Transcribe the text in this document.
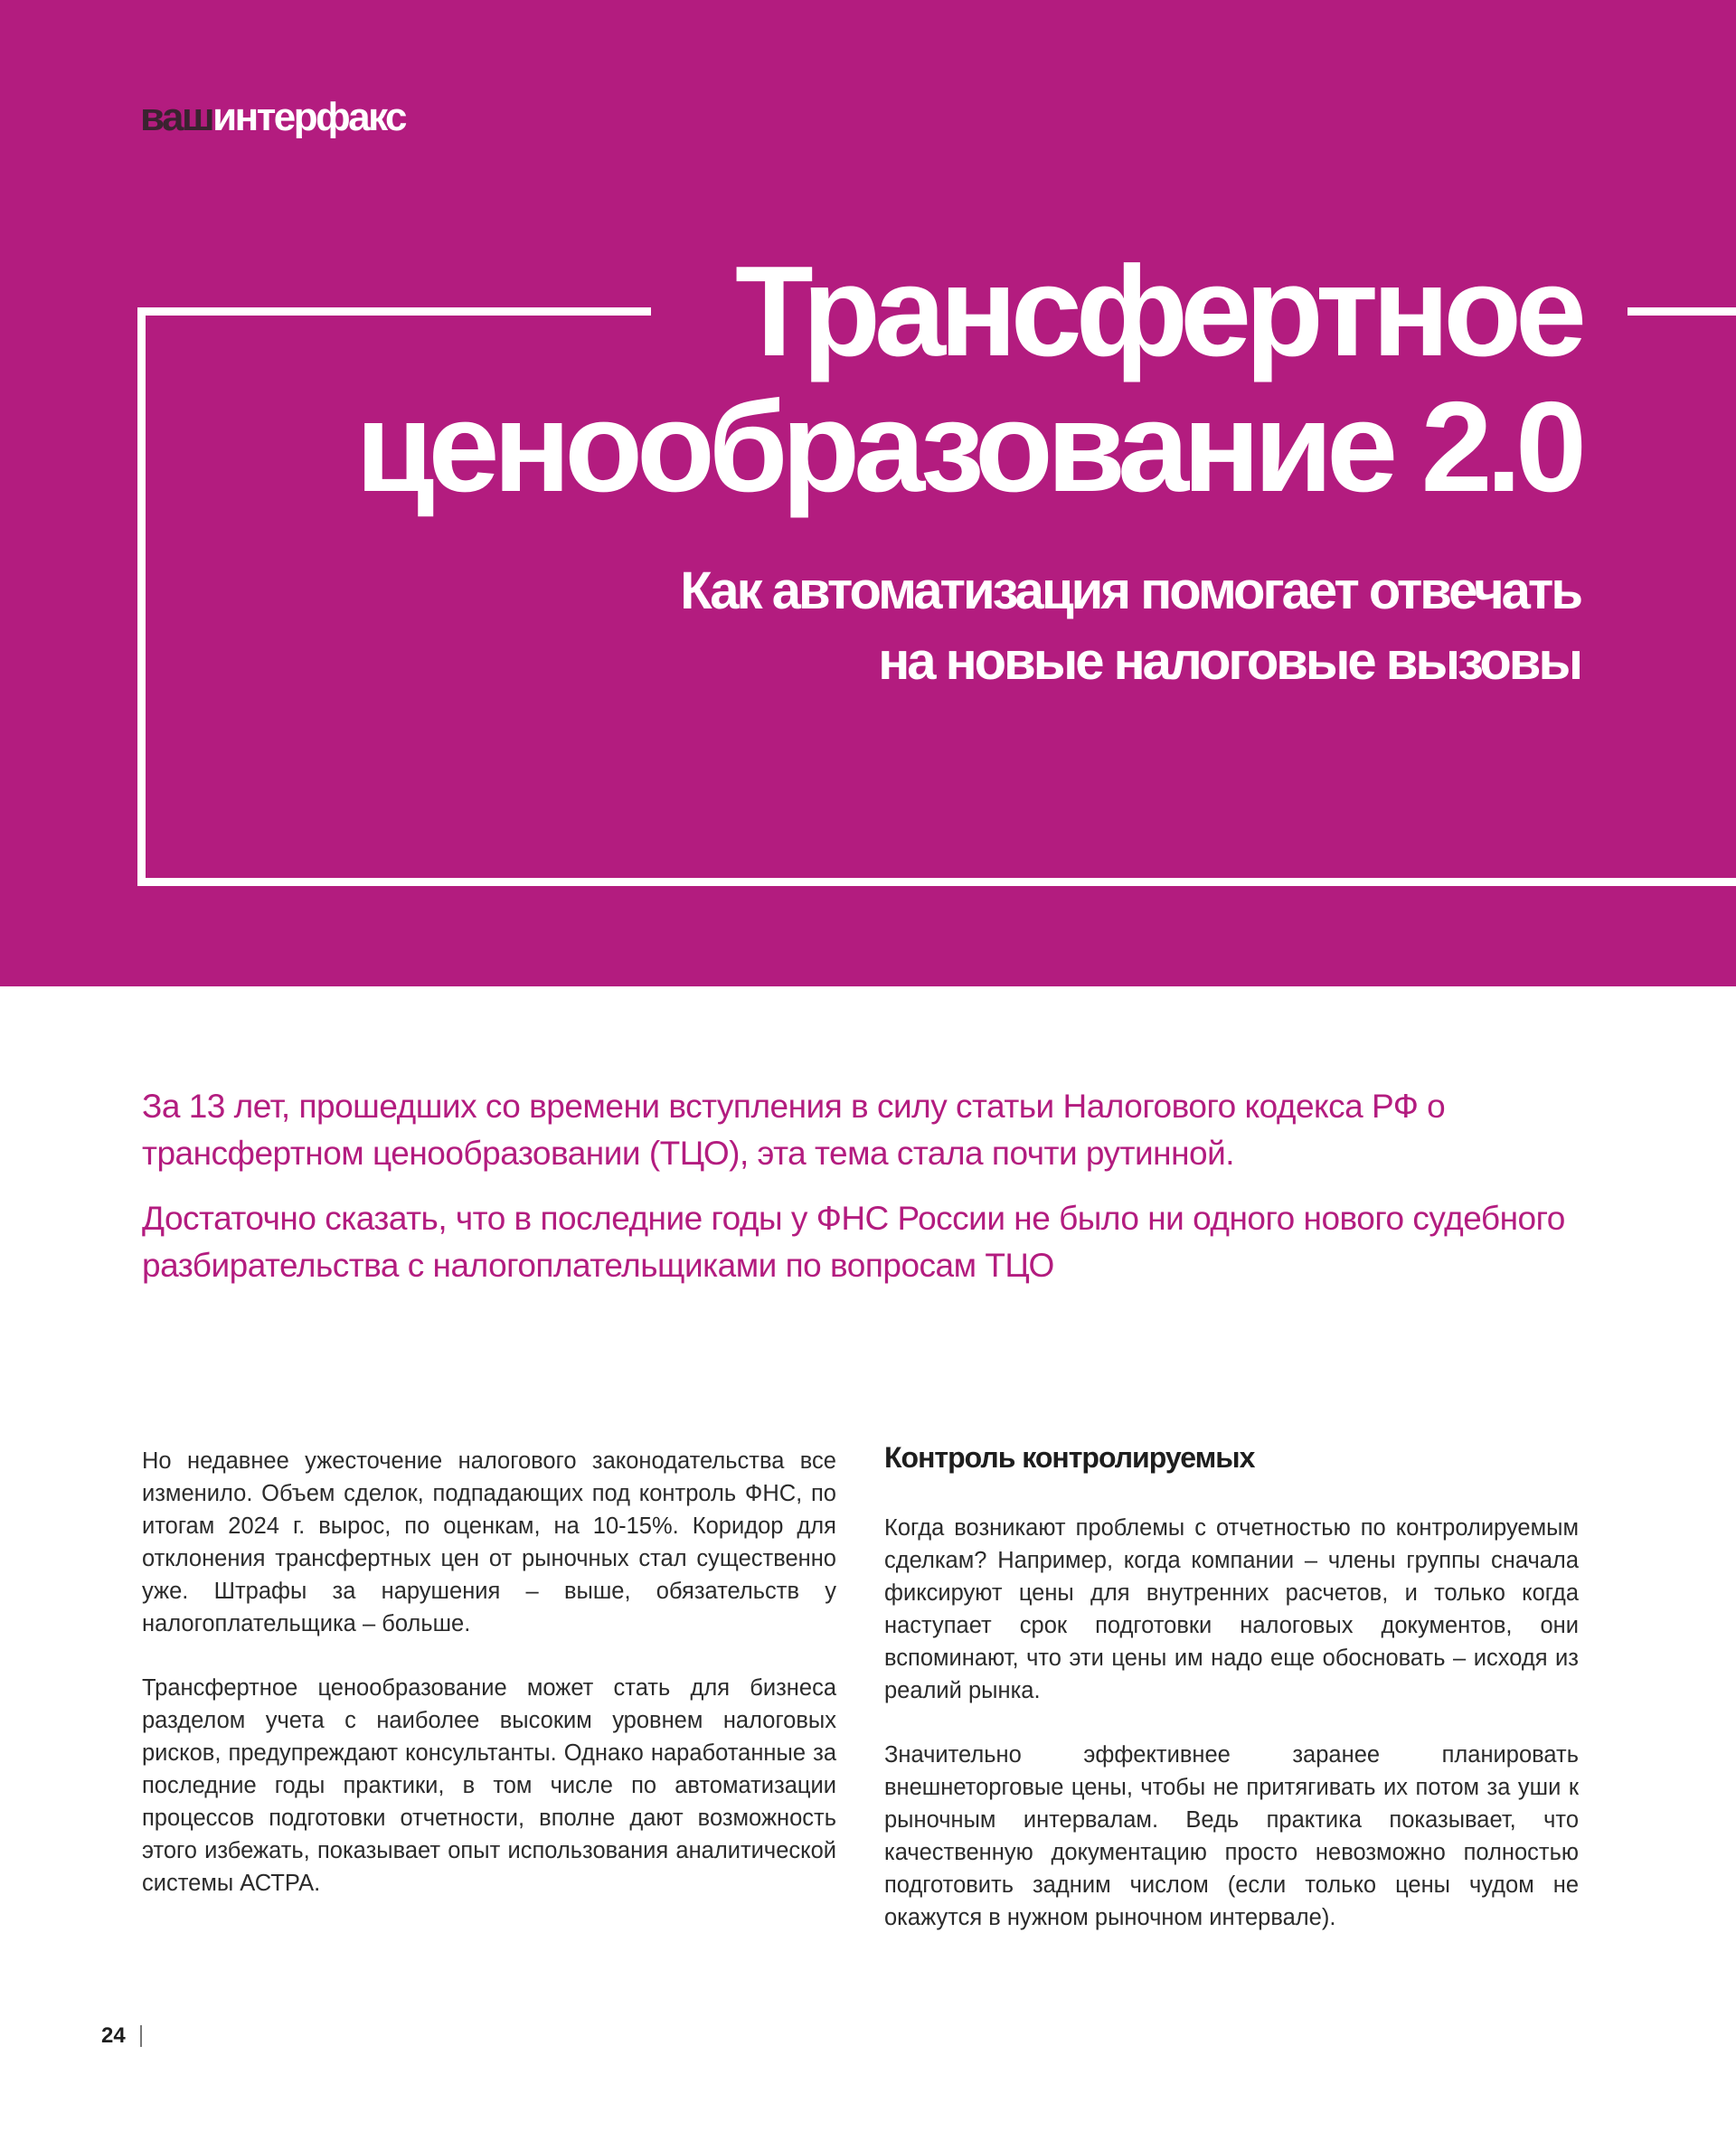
вашинтерфакс
Трансфертное
ценообразование 2.0
Как автоматизация помогает отвечать
на новые налоговые вызовы

За 13 лет, прошедших со времени вступления в силу статьи Налогового кодекса РФ о трансфертном ценообразовании (ТЦО), эта тема стала почти рутинной.

Достаточно сказать, что в последние годы у ФНС России не было ни одного нового судебного разбирательства с налогоплательщиками по вопросам ТЦО

Но недавнее ужесточение налогового законодательства все изменило. Объем сделок, подпадающих под контроль ФНС, по итогам 2024 г. вырос, по оценкам, на 10-15%. Коридор для отклонения трансфертных цен от рыночных стал существенно уже. Штрафы за нарушения – выше, обязательств у налогоплательщика – больше.

Трансфертное ценообразование может стать для бизнеса разделом учета с наиболее высоким уровнем налоговых рисков, предупреждают консультанты. Однако наработанные за последние годы практики, в том числе по автоматизации процессов подготовки отчетности, вполне дают возможность этого избежать, показывает опыт использования аналитической системы АСТРА.

Контроль контролируемых

Когда возникают проблемы с отчетностью по контролируемым сделкам? Например, когда компании – члены группы сначала фиксируют цены для внутренних расчетов, и только когда наступает срок подготовки налоговых документов, они вспоминают, что эти цены им надо еще обосновать – исходя из реалий рынка.

Значительно эффективнее заранее планировать внешнеторговые цены, чтобы не притягивать их потом за уши к рыночным интервалам. Ведь практика показывает, что качественную документацию просто невозможно полностью подготовить задним числом (если только цены чудом не окажутся в нужном рыночном интервале).

24
